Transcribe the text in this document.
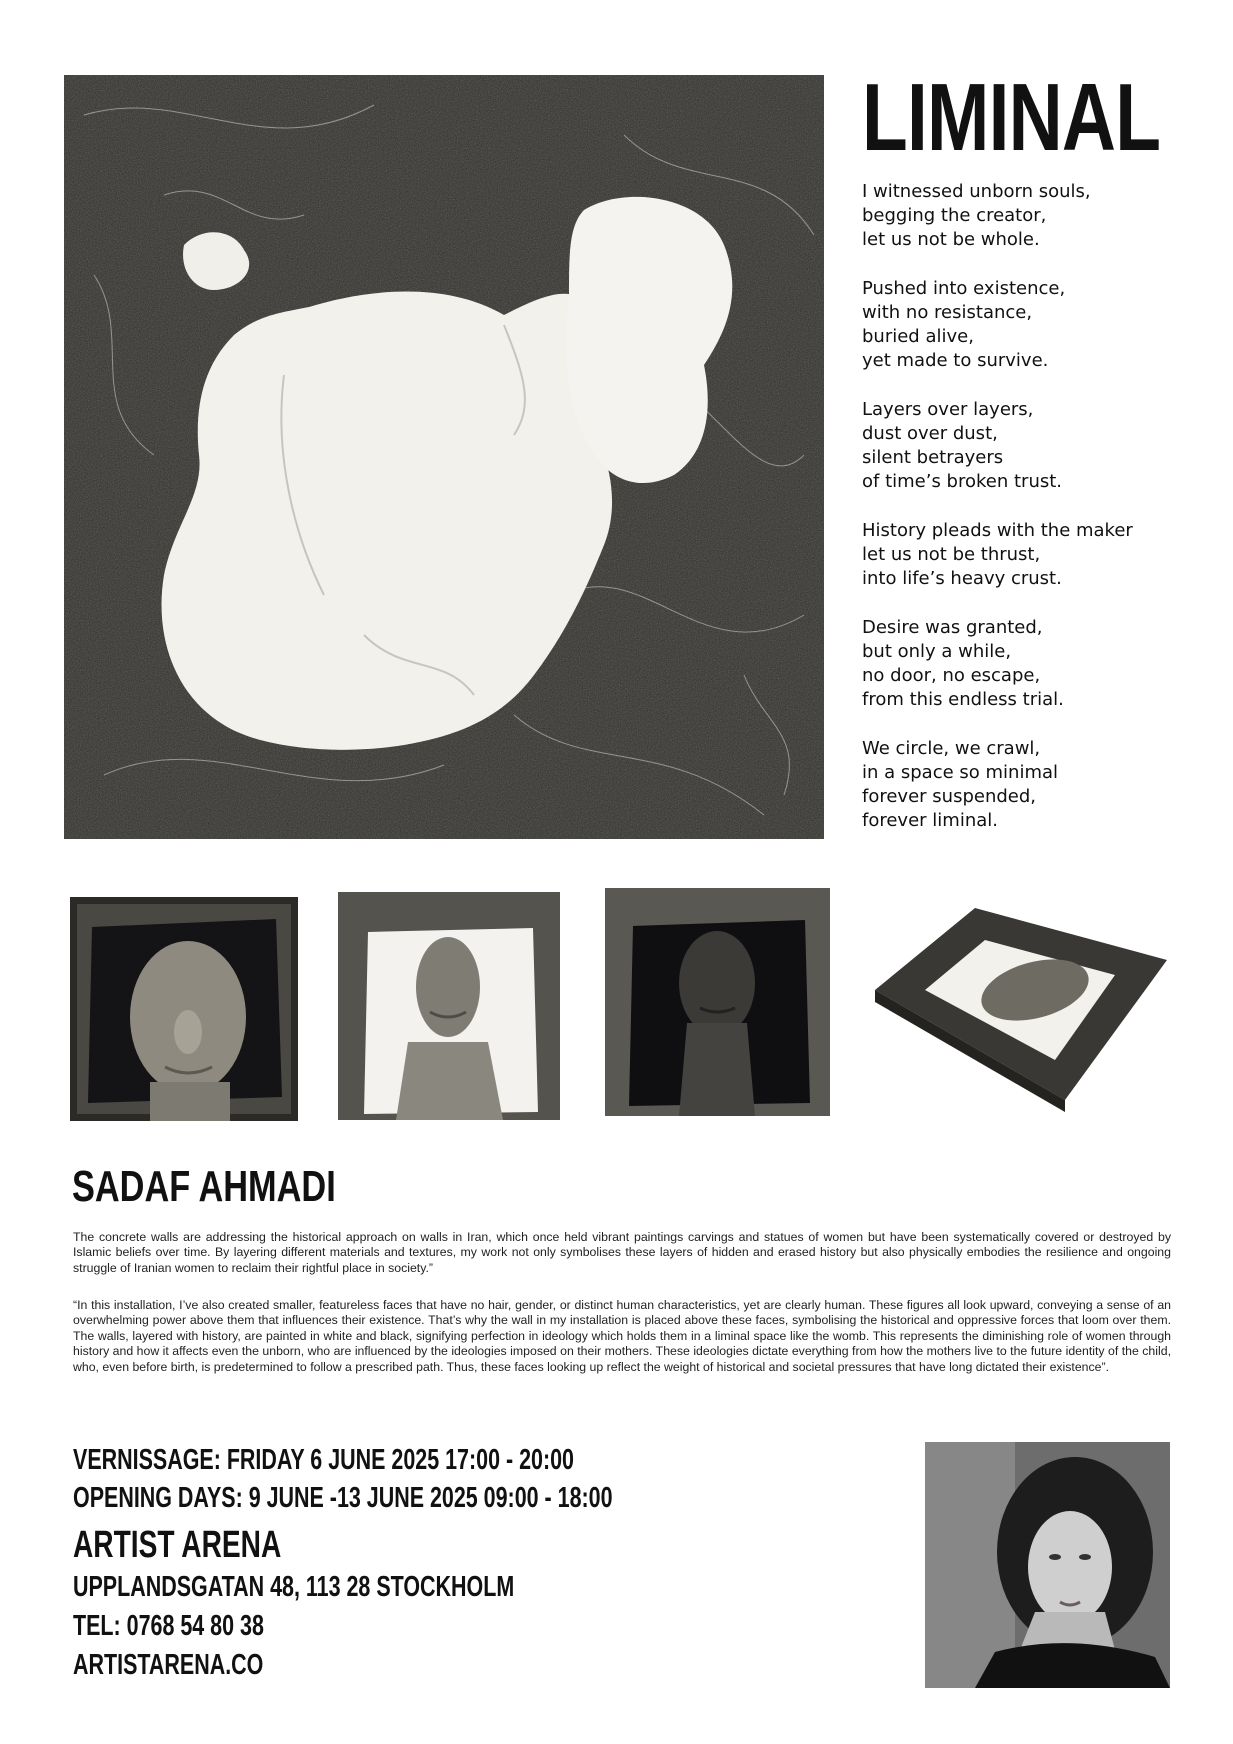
LIMINAL
I witnessed unborn souls,
begging the creator,
let us not be whole.
Pushed into existence,
with no resistance,
buried alive,
yet made to survive.
Layers over layers,
dust over dust,
silent betrayers
of time’s broken trust.
History pleads with the maker
let us not be thrust,
into life’s heavy crust.
Desire was granted,
but only a while,
no door, no escape,
from this endless trial.
We circle, we crawl,
in a space so minimal
forever suspended,
forever liminal.
SADAF AHMADI

The concrete walls are addressing the historical approach on walls in Iran, which once held vibrant paintings carvings and statues of women but have been systematically covered or destroyed by Islamic beliefs over time. By layering different materials and textures, my work not only symbolises these layers of hidden and erased history but also physically embodies the resilience and ongoing struggle of Iranian women to reclaim their rightful place in society.”

“In this installation, I’ve also created smaller, featureless faces that have no hair, gender, or distinct human characteristics, yet are clearly human. These figures all look upward, conveying a sense of an overwhelming power above them that influences their existence. That’s why the wall in my installation is placed above these faces, symbolising the historical and oppressive forces that loom over them. The walls, layered with history, are painted in white and black, signifying perfection in ideology which holds them in a liminal space like the womb. This represents the diminishing role of women through history and how it affects even the unborn, who are influenced by the ideologies imposed on their mothers. These ideologies dictate everything from how the mothers live to the future identity of the child, who, even before birth, is predetermined to follow a prescribed path. Thus, these faces looking up reflect the weight of historical and societal pressures that have long dictated their existence”.

VERNISSAGE: FRIDAY 6 JUNE 2025 17:00 - 20:00
OPENING DAYS: 9 JUNE -13 JUNE 2025 09:00 - 18:00
ARTIST ARENA
UPPLANDSGATAN 48, 113 28 STOCKHOLM
TEL: 0768 54 80 38
ARTISTARENA.CO
